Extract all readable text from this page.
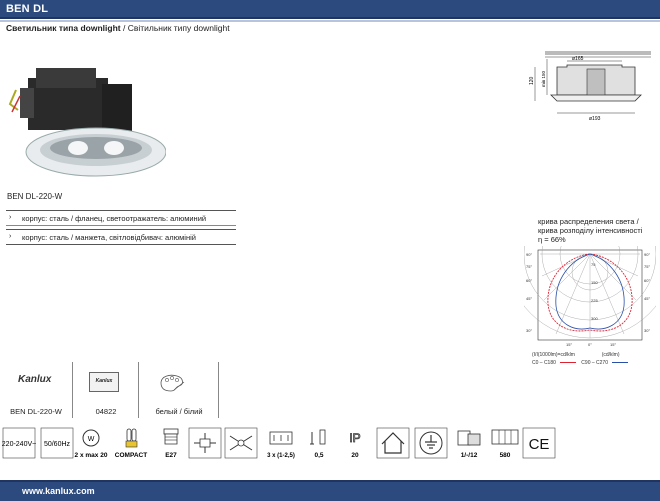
BEN DL
Светильник типа downlight / Світильник типу downlight
BEN DL-220-W
› корпус: сталь / фланец, светоотражатель: алюминий
› корпус: сталь / манжета, світловідбивач: алюміній
ø165
120 min 150
ø193
крива распределения света /
крива розподілу інтенсивності
η = 66%
90°
75°
60°
45°
30°
90°
75°
60°
45°
30°
75
150
225
300
15°	0°	15°
(I/I(1000lm)=cd/klm	(cd/klm)
C0 – C180	C90 – C270
Kanlux	Kanlux
BEN DL-220-W	04822	белый / білий
220-240V~ 50/60Hz
W
2 x max 20 COMPACT	E27	3 x (1-2,5)	0,5
IP
20	1/-/12	580
CE
www.kanlux.com
